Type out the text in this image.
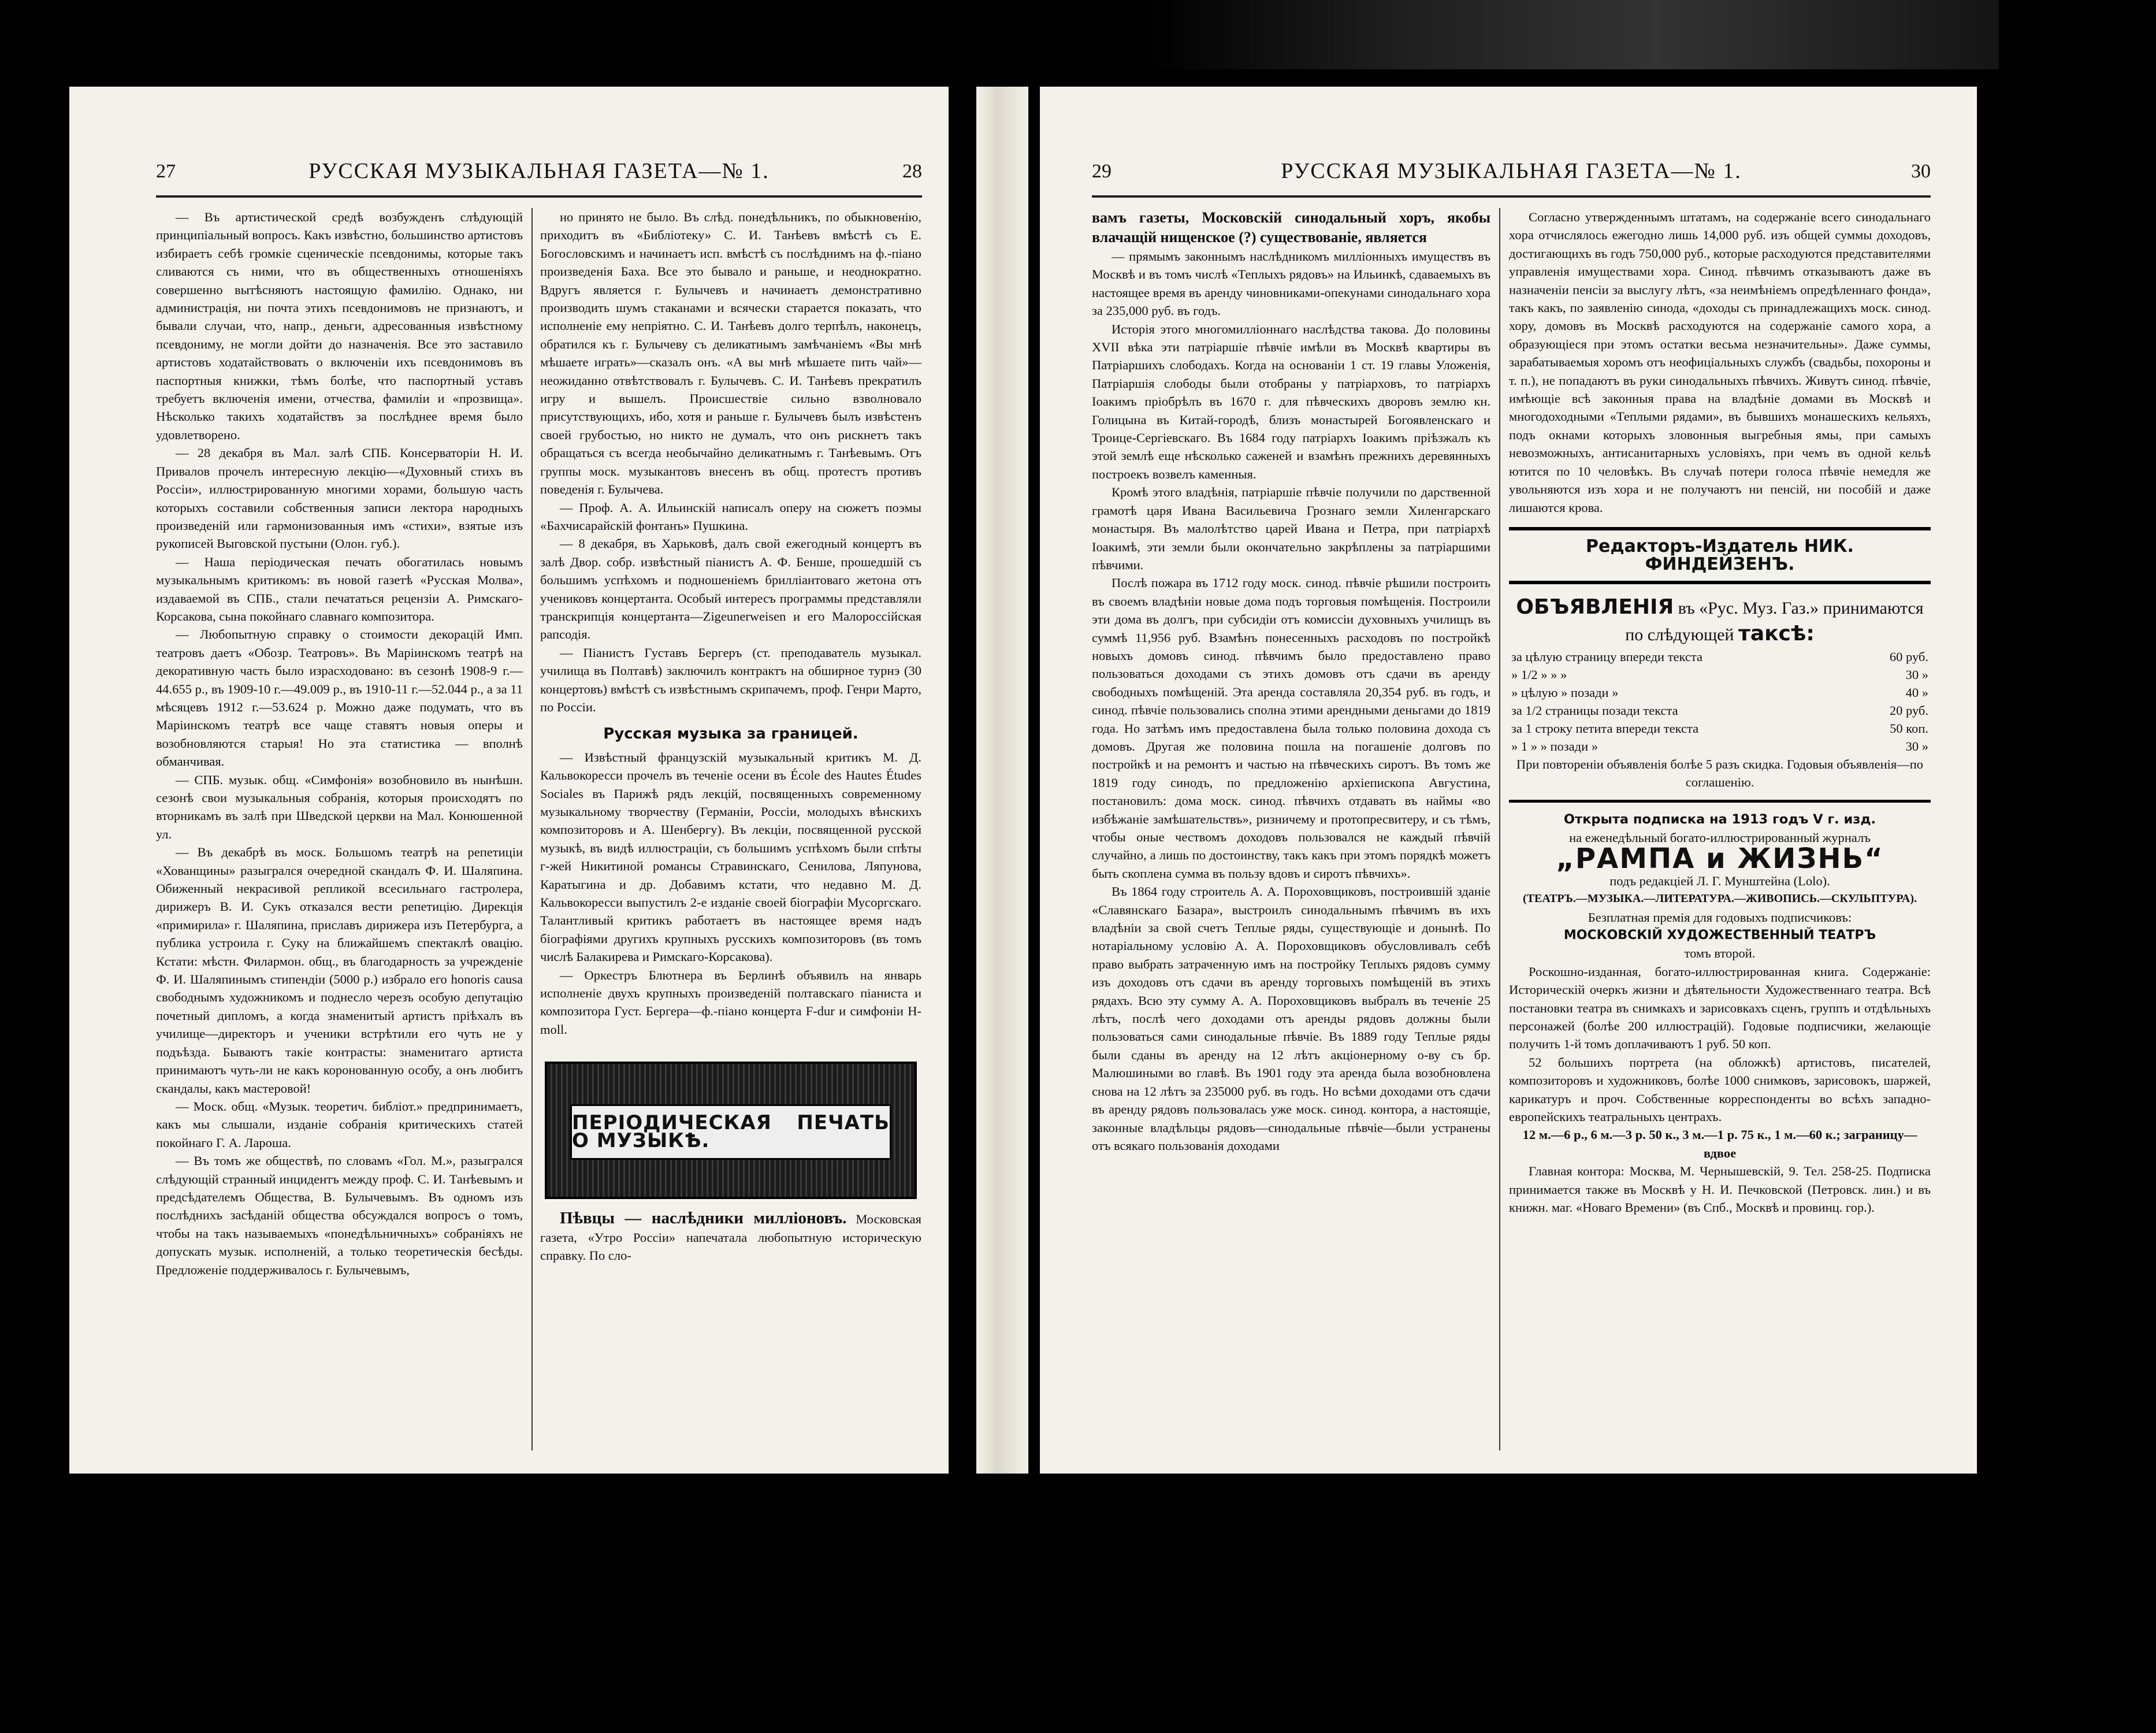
27	РУССКАЯ МУЗЫКАЛЬНАЯ ГАЗЕТА—№ 1.	28

— Въ артистической средѣ возбужденъ слѣдующій принципіальный вопросъ. Какъ извѣстно, большинство артистовъ избираетъ себѣ громкіе сценическіе псевдонимы, которые такъ сливаются съ ними, что въ общественныхъ отношеніяхъ совершенно вытѣсняютъ настоящую фамилію. Однако, ни администрація, ни почта этихъ псевдонимовъ не признаютъ, и бывали случаи, что, напр., деньги, адресованныя извѣстному псевдониму, не могли дойти до назначенія. Все это заставило артистовъ ходатайствовать о включеніи ихъ псевдонимовъ въ паспортныя книжки, тѣмъ болѣе, что паспортный уставъ требуетъ включенія имени, отчества, фамиліи и «прозвища». Нѣсколько такихъ ходатайствъ за послѣднее время было удовлетворено.

— 28 декабря въ Мал. залѣ СПБ. Консерваторіи Н. И. Привалов прочелъ интересную лекцію—«Духовный стихъ въ Россіи», иллюстрированную многими хорами, большую часть которыхъ составили собственныя записи лектора народныхъ произведеній или гармонизованныя имъ «стихи», взятые изъ рукописей Выговской пустыни (Олон. губ.).

— Наша періодическая печать обогатилась новымъ музыкальнымъ критикомъ: въ новой газетѣ «Русская Молва», издаваемой въ СПБ., стали печататься рецензіи А. Римскаго-Корсакова, сына покойнаго славнаго композитора.

— Любопытную справку о стоимости декорацій Имп. театровъ даетъ «Обозр. Театровъ». Въ Маріинскомъ театрѣ на декоративную часть было израсходовано: въ сезонѣ 1908-9 г.—44.655 р., въ 1909-10 г.—49.009 р., въ 1910-11 г.—52.044 р., а за 11 мѣсяцевъ 1912 г.—53.624 р. Можно даже подумать, что въ Маріинскомъ театрѣ все чаще ставятъ новыя оперы и возобновляются старыя! Но эта статистика — вполнѣ обманчивая.

— СПБ. музык. общ. «Симфонія» возобновило въ нынѣшн. сезонѣ свои музыкальныя собранія, которыя происходятъ по вторникамъ въ залѣ при Шведской церкви на Мал. Конюшенной ул.

— Въ декабрѣ въ моск. Большомъ театрѣ на репетиціи «Хованщины» разыгрался очередной скандалъ Ф. И. Шаляпина. Обиженный некрасивой репликой всесильнаго гастролера, дирижеръ В. И. Сукъ отказался вести репетицію. Дирекція «примирила» г. Шаляпина, приславъ дирижера изъ Петербурга, а публика устроила г. Суку на ближайшемъ спектаклѣ овацію. Кстати: мѣстн. Филармон. общ., въ благодарность за учрежденіе Ф. И. Шаляпинымъ стипендіи (5000 р.) избрало его honoris causa свободнымъ художникомъ и поднесло черезъ особую депутацію почетный дипломъ, а когда знаменитый артистъ пріѣхалъ въ училище—директоръ и ученики встрѣтили его чуть не у подъѣзда. Бываютъ такіе контрасты: знаменитаго артиста принимаютъ чуть-ли не какъ коронованную особу, а онъ любитъ скандалы, какъ мастеровой!

— Моск. общ. «Музык. теоретич. библіот.» предпринимаетъ, какъ мы слышали, изданіе собранія критическихъ статей покойнаго Г. А. Лароша.

— Въ томъ же обществѣ, по словамъ «Гол. М.», разыгрался слѣдующій странный инцидентъ между проф. С. И. Танѣевымъ и предсѣдателемъ Общества, В. Булычевымъ. Въ одномъ изъ послѣднихъ засѣданій общества обсуждался вопросъ о томъ, чтобы на такъ называемыхъ «понедѣльничныхъ» собраніяхъ не допускать музык. исполненій, а только теоретическія бесѣды. Предложеніе поддерживалось г. Булычевымъ,

но принято не было. Въ слѣд. понедѣльникъ, по обыкновенію, приходитъ въ «Библіотеку» С. И. Танѣевъ вмѣстѣ съ Е. Богословскимъ и начинаетъ исп. вмѣстѣ съ послѣднимъ на ф.-піано произведенія Баха. Все это бывало и раньше, и неоднократно. Вдругъ является г. Булычевъ и начинаетъ демонстративно производить шумъ стаканами и всячески старается показать, что исполненіе ему непріятно. С. И. Танѣевъ долго терпѣлъ, наконецъ, обратился къ г. Булычеву съ деликатнымъ замѣчаніемъ «Вы мнѣ мѣшаете играть»—сказалъ онъ. «А вы мнѣ мѣшаете пить чай»—неожиданно отвѣтствовалъ г. Булычевъ. С. И. Танѣевъ прекратилъ игру и вышелъ. Происшествіе сильно взволновало присутствующихъ, ибо, хотя и раньше г. Булычевъ былъ извѣстенъ своей грубостью, но никто не думалъ, что онъ рискнетъ такъ обращаться съ всегда необычайно деликатнымъ г. Танѣевымъ. Отъ группы моск. музыкантовъ внесенъ въ общ. протестъ противъ поведенія г. Булычева.

— Проф. А. А. Ильинскій написалъ оперу на сюжетъ поэмы «Бахчисарайскій фонтанъ» Пушкина.

— 8 декабря, въ Харьковѣ, далъ свой ежегодный концертъ въ залѣ Двор. собр. извѣстный піанистъ А. Ф. Бенше, прошедшій съ большимъ успѣхомъ и подношеніемъ бриллiантоваго жетона отъ учениковъ концертанта. Особый интересъ программы представляли транскрипція концертанта—Zigeunerweisen и его Малороссійская рапсодія.

— Піанистъ Густавъ Бергеръ (ст. преподаватель музыкал. училища въ Полтавѣ) заключилъ контрактъ на обширное турнэ (30 концертовъ) вмѣстѣ съ извѣстнымъ скрипачемъ, проф. Генри Марто, по Россіи.

Русская музыка за границей.

— Извѣстный французскій музыкальный критикъ М. Д. Кальвокоресси прочелъ въ теченіе осени въ École des Hautes Études Sociales въ Парижѣ рядъ лекцій, посвященныхъ современному музыкальному творчеству (Германіи, Россіи, молодыхъ вѣнскихъ композиторовъ и А. Шенбергу). Въ лекціи, посвященной русской музыкѣ, въ видѣ иллюстраціи, съ большимъ успѣхомъ были спѣты г-жей Никитиной романсы Стравинскаго, Сенилова, Ляпунова, Каратыгина и др. Добавимъ кстати, что недавно М. Д. Кальвокоресси выпустилъ 2-е изданіе своей біографіи Мусоргскаго. Талантливый критикъ работаетъ въ настоящее время надъ біографіями другихъ крупныхъ русскихъ композиторовъ (въ томъ числѣ Балакирева и Римскаго-Корсакова).

— Оркестръ Блютнера въ Берлинѣ объявилъ на январь исполненіе двухъ крупныхъ произведеній полтавскаго піаниста и композитора Густ. Бергера—ф.-піано концерта F-dur и симфоніи H-moll.

ПЕРІОДИЧЕСКАЯ ПЕЧАТЬ О МУЗЫКѢ.

Пѣвцы — наслѣдники милліоновъ. Московская газета, «Утро Россіи» напечатала любопытную историческую справку. По сло-

29	РУССКАЯ МУЗЫКАЛЬНАЯ ГАЗЕТА—№ 1.	30

вамъ газеты, Московскій синодальный хоръ, якобы влачащій нищенское (?) существованіе, является

— прямымъ законнымъ наслѣдникомъ милліонныхъ имуществъ въ Москвѣ и въ томъ числѣ «Теплыхъ рядовъ» на Ильинкѣ, сдаваемыхъ въ настоящее время въ аренду чиновниками-опекунами синодальнаго хора за 235,000 руб. въ годъ.

Исторія этого многомилліоннаго наслѣдства такова. До половины XVII вѣка эти патріаршіе пѣвчіе имѣли въ Москвѣ квартиры въ Патріаршихъ слободахъ. Когда на основаніи 1 ст. 19 главы Уложенія, Патріаршія слободы были отобраны у патріарховъ, то патріархъ Іоакимъ пріобрѣлъ въ 1670 г. для пѣвческихъ дворовъ землю кн. Голицына въ Китай-городѣ, близъ монастырей Богоявленскаго и Троице-Сергіевскаго. Въ 1684 году патріархъ Іоакимъ пріѣзжалъ къ этой землѣ еще нѣсколько саженей и взамѣнъ прежнихъ деревянныхъ построекъ возвелъ каменныя.

Кромѣ этого владѣнія, патріаршіе пѣвчіе получили по дарственной грамотѣ царя Ивана Васильевича Грознаго земли Хиленгарскаго монастыря. Въ малолѣтство царей Ивана и Петра, при патріархѣ Іоакимѣ, эти земли были окончательно закрѣплены за патріаршими пѣвчими.

Послѣ пожара въ 1712 году моск. синод. пѣвчіе рѣшили построить въ своемъ владѣніи новые дома подъ торговыя помѣщенія. Построили эти дома въ долгъ, при субсидіи отъ комиссіи духовныхъ училищъ въ суммѣ 11,956 руб. Взамѣнъ понесенныхъ расходовъ по постройкѣ новыхъ домовъ синод. пѣвчимъ было предоставлено право пользоваться доходами съ этихъ домовъ отъ сдачи въ аренду свободныхъ помѣщеній. Эта аренда составляла 20,354 руб. въ годъ, и синод. пѣвчіе пользовались сполна этими арендными деньгами до 1819 года. Но затѣмъ имъ предоставлена была только половина дохода съ домовъ. Другая же половина пошла на погашеніе долговъ по постройкѣ и на ремонтъ и частью на пѣвческихъ сиротъ. Въ томъ же 1819 году синодъ, по предложенію архіепископа Августина, постановилъ: дома моск. синод. пѣвчихъ отдавать въ наймы «во избѣжаніе замѣшательствъ», ризничему и протопресвитеру, и съ тѣмъ, чтобы оные чествомъ доходовъ пользовался не каждый пѣвчій случайно, а лишь по достоинству, такъ какъ при этомъ порядкѣ можетъ быть скоплена сумма въ пользу вдовъ и сиротъ пѣвчихъ».

Въ 1864 году строитель А. А. Пороховщиковъ, построившій зданіе «Славянскаго Базара», выстроилъ синодальнымъ пѣвчимъ въ ихъ владѣніи за свой счетъ Теплые ряды, существующіе и донынѣ. По нотаріальному условію А. А. Пороховщиковъ обусловливалъ себѣ право выбрать затраченную имъ на постройку Теплыхъ рядовъ сумму изъ доходовъ отъ сдачи въ аренду торговыхъ помѣщеній въ этихъ рядахъ. Всю эту сумму А. А. Пороховщиковъ выбралъ въ теченіе 25 лѣтъ, послѣ чего доходами отъ аренды рядовъ должны были пользоваться сами синодальные пѣвчіе. Въ 1889 году Теплые ряды были сданы въ аренду на 12 лѣтъ акціонерному о-ву съ бр. Малюшиными во главѣ. Въ 1901 году эта аренда была возобновлена снова на 12 лѣтъ за 235000 руб. въ годъ. Но всѣми доходами отъ сдачи въ аренду рядовъ пользовалась уже моск. синод. контора, а настоящіе, законные владѣльцы рядовъ—синодальные пѣвчіе—были устранены отъ всякаго пользованія доходами

Согласно утвержденнымъ штатамъ, на содержаніе всего синодальнаго хора отчислялось ежегодно лишь 14,000 руб. изъ общей суммы доходовъ, достигающихъ въ годъ 750,000 руб., которые расходуются представителями управленія имуществами хора. Синод. пѣвчимъ отказываютъ даже въ назначеніи пенсіи за выслугу лѣтъ, «за неимѣніемъ опредѣленнаго фонда», такъ какъ, по заявленію синода, «доходы съ принадлежащихъ моск. синод. хору, домовъ въ Москвѣ расходуются на содержаніе самого хора, а образующіеся при этомъ остатки весьма незначительны». Даже суммы, зарабатываемыя хоромъ отъ неофиціальныхъ службъ (свадьбы, похороны и т. п.), не попадаютъ въ руки синодальныхъ пѣвчихъ. Живутъ синод. пѣвчіе, имѣющіе всѣ законныя права на владѣніе домами въ Москвѣ и многодоходными «Теплыми рядами», въ бывшихъ монашескихъ кельяхъ, подъ окнами которыхъ зловонныя выгребныя ямы, при самыхъ невозможныхъ, антисанитарныхъ условіяхъ, при чемъ въ одной кельѣ ютится по 10 человѣкъ. Въ случаѣ потери голоса пѣвчіе немедля же увольняются изъ хора и не получаютъ ни пенсій, ни пособій и даже лишаются крова.

Редакторъ-Издатель НИК. ФИНДЕЙЗЕНЪ.
ОБЪЯВЛЕНІЯ въ «Рус. Муз. Газ.» принимаются по слѣдующей таксѣ:
за цѣлую страницу впереди текста	60 руб.
» 1/2 » » »	30 »
» цѣлую » позади »	40 »
за 1/2 страницы позади текста	20 руб.
за 1 строку петита впереди текста	50 коп.
» 1 » » позади »	30 »

При повтореніи объявленія болѣе 5 разъ скидка. Годовыя объявленія—по соглашенію.

Открыта подписка на 1913 годъ V г. изд.

на еженедѣльный богато-иллюстрированный журналъ

„РАМПА и ЖИЗНЬ“

подъ редакціей Л. Г. Мунштейна (Lolo).

(ТЕАТРЪ.—МУЗЫКА.—ЛИТЕРАТУРА.—ЖИВОПИСЬ.—СКУЛЬПТУРА).

Безплатная премія для годовыхъ подписчиковъ:

МОСКОВСКІЙ ХУДОЖЕСТВЕННЫЙ ТЕАТРЪ

томъ второй.

Роскошно-изданная, богато-иллюстрированная книга. Содержаніе: Историческій очеркъ жизни и дѣятельности Художественнаго театра. Всѣ постановки театра въ снимкахъ и зарисовкахъ сценъ, группъ и отдѣльныхъ персонажей (болѣе 200 иллюстрацій). Годовые подписчики, желающіе получить 1-й томъ доплачиваютъ 1 руб. 50 коп.

52 большихъ портрета (на обложкѣ) артистовъ, писателей, композиторовъ и художниковъ, болѣе 1000 снимковъ, зарисовокъ, шаржей, карикатуръ и проч. Собственные корреспонденты во всѣхъ западно-европейскихъ театральныхъ центрахъ.

12 м.—6 р., 6 м.—3 р. 50 к., 3 м.—1 р. 75 к., 1 м.—60 к.; заграницу—вдвое

Главная контора: Москва, М. Чернышевскій, 9. Тел. 258-25. Подписка принимается также въ Москвѣ у Н. И. Печковской (Петровск. лин.) и въ книжн. маг. «Новаго Времени» (въ Спб., Москвѣ и провинц. гор.).
